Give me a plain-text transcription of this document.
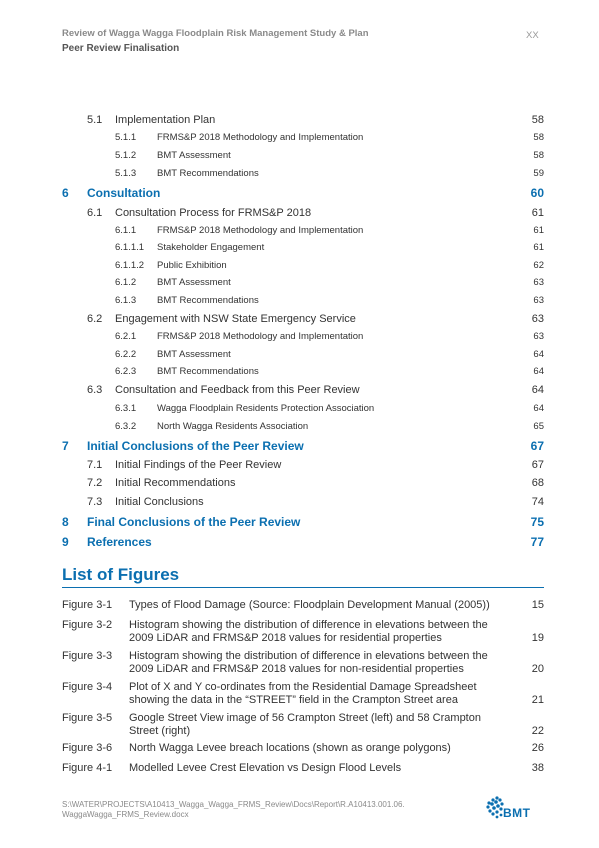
Review of Wagga Wagga Floodplain Risk Management Study & Plan
Peer Review Finalisation
XX
5.1 Implementation Plan	58
5.1.1 FRMS&P 2018 Methodology and Implementation	58
5.1.2 BMT Assessment	58
5.1.3 BMT Recommendations	59
6 Consultation	60
6.1 Consultation Process for FRMS&P 2018	61
6.1.1 FRMS&P 2018 Methodology and Implementation	61
6.1.1.1 Stakeholder Engagement	61
6.1.1.2 Public Exhibition	62
6.1.2 BMT Assessment	63
6.1.3 BMT Recommendations	63
6.2 Engagement with NSW State Emergency Service	63
6.2.1 FRMS&P 2018 Methodology and Implementation	63
6.2.2 BMT Assessment	64
6.2.3 BMT Recommendations	64
6.3 Consultation and Feedback from this Peer Review	64
6.3.1 Wagga Floodplain Residents Protection Association	64
6.3.2 North Wagga Residents Association	65
7 Initial Conclusions of the Peer Review	67
7.1 Initial Findings of the Peer Review	67
7.2 Initial Recommendations	68
7.3 Initial Conclusions	74
8 Final Conclusions of the Peer Review	75
9 References	77
List of Figures
Figure 3-1 Types of Flood Damage (Source: Floodplain Development Manual (2005))	15
Figure 3-2 Histogram showing the distribution of difference in elevations between the 2009 LiDAR and FRMS&P 2018 values for residential properties	19
Figure 3-3 Histogram showing the distribution of difference in elevations between the 2009 LiDAR and FRMS&P 2018 values for non-residential properties	20
Figure 3-4 Plot of X and Y co-ordinates from the Residential Damage Spreadsheet showing the data in the “STREET” field in the Crampton Street area	21
Figure 3-5 Google Street View image of 56 Crampton Street (left) and 58 Crampton Street (right)	22
Figure 3-6 North Wagga Levee breach locations (shown as orange polygons)	26
Figure 4-1 Modelled Levee Crest Elevation vs Design Flood Levels	38
S:\WATER\PROJECTS\A10413_Wagga_Wagga_FRMS_Review\Docs\Report\R.A10413.001.06. WaggaWagga_FRMS_Review.docx	BMT
